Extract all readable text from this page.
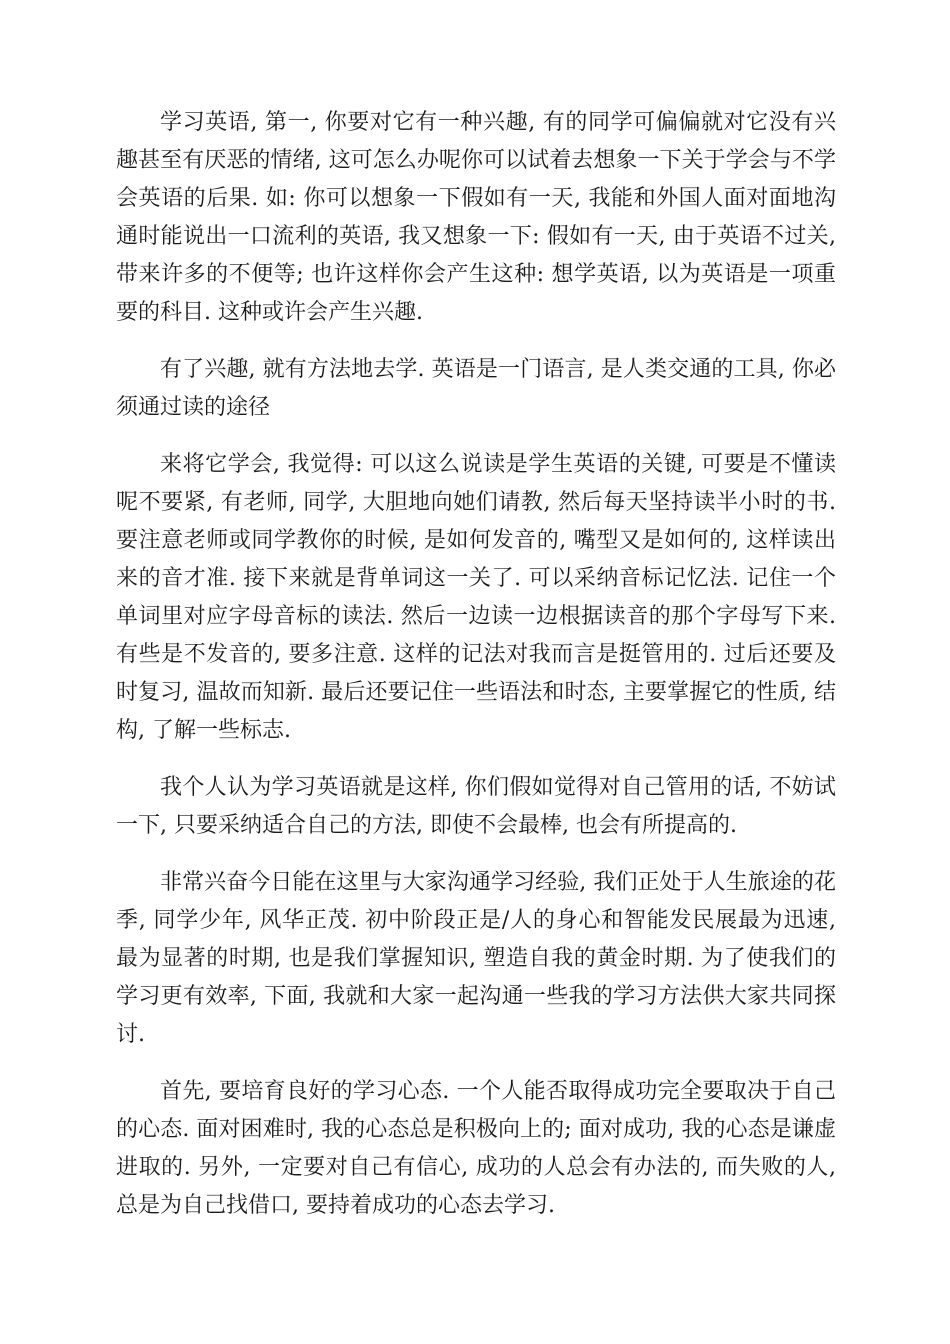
学习英语, 第一, 你要对它有一种兴趣, 有的同学可偏偏就对它没有兴趣甚至有厌恶的情绪, 这可怎么办呢你可以试着去想象一下关于学会与不学会英语的后果. 如: 你可以想象一下假如有一天, 我能和外国人面对面地沟通时能说出一口流利的英语, 我又想象一下: 假如有一天, 由于英语不过关, 带来许多的不便等; 也许这样你会产生这种: 想学英语, 以为英语是一项重要的科目. 这种或许会产生兴趣.

有了兴趣, 就有方法地去学. 英语是一门语言, 是人类交通的工具, 你必须通过读的途径

来将它学会, 我觉得: 可以这么说读是学生英语的关键, 可要是不懂读呢不要紧, 有老师, 同学, 大胆地向她们请教, 然后每天坚持读半小时的书. 要注意老师或同学教你的时候, 是如何发音的, 嘴型又是如何的, 这样读出来的音才准. 接下来就是背单词这一关了. 可以采纳音标记忆法. 记住一个单词里对应字母音标的读法. 然后一边读一边根据读音的那个字母写下来. 有些是不发音的, 要多注意. 这样的记法对我而言是挺管用的. 过后还要及时复习, 温故而知新. 最后还要记住一些语法和时态, 主要掌握它的性质, 结构, 了解一些标志.

我个人认为学习英语就是这样, 你们假如觉得对自己管用的话, 不妨试一下, 只要采纳适合自己的方法, 即使不会最棒, 也会有所提高的.

非常兴奋今日能在这里与大家沟通学习经验, 我们正处于人生旅途的花季, 同学少年, 风华正茂. 初中阶段正是/人的身心和智能发民展最为迅速, 最为显著的时期, 也是我们掌握知识, 塑造自我的黄金时期. 为了使我们的学习更有效率, 下面, 我就和大家一起沟通一些我的学习方法供大家共同探讨.

首先, 要培育良好的学习心态. 一个人能否取得成功完全要取决于自己的心态. 面对困难时, 我的心态总是积极向上的; 面对成功, 我的心态是谦虚进取的. 另外, 一定要对自己有信心, 成功的人总会有办法的, 而失败的人, 总是为自己找借口, 要持着成功的心态去学习.
